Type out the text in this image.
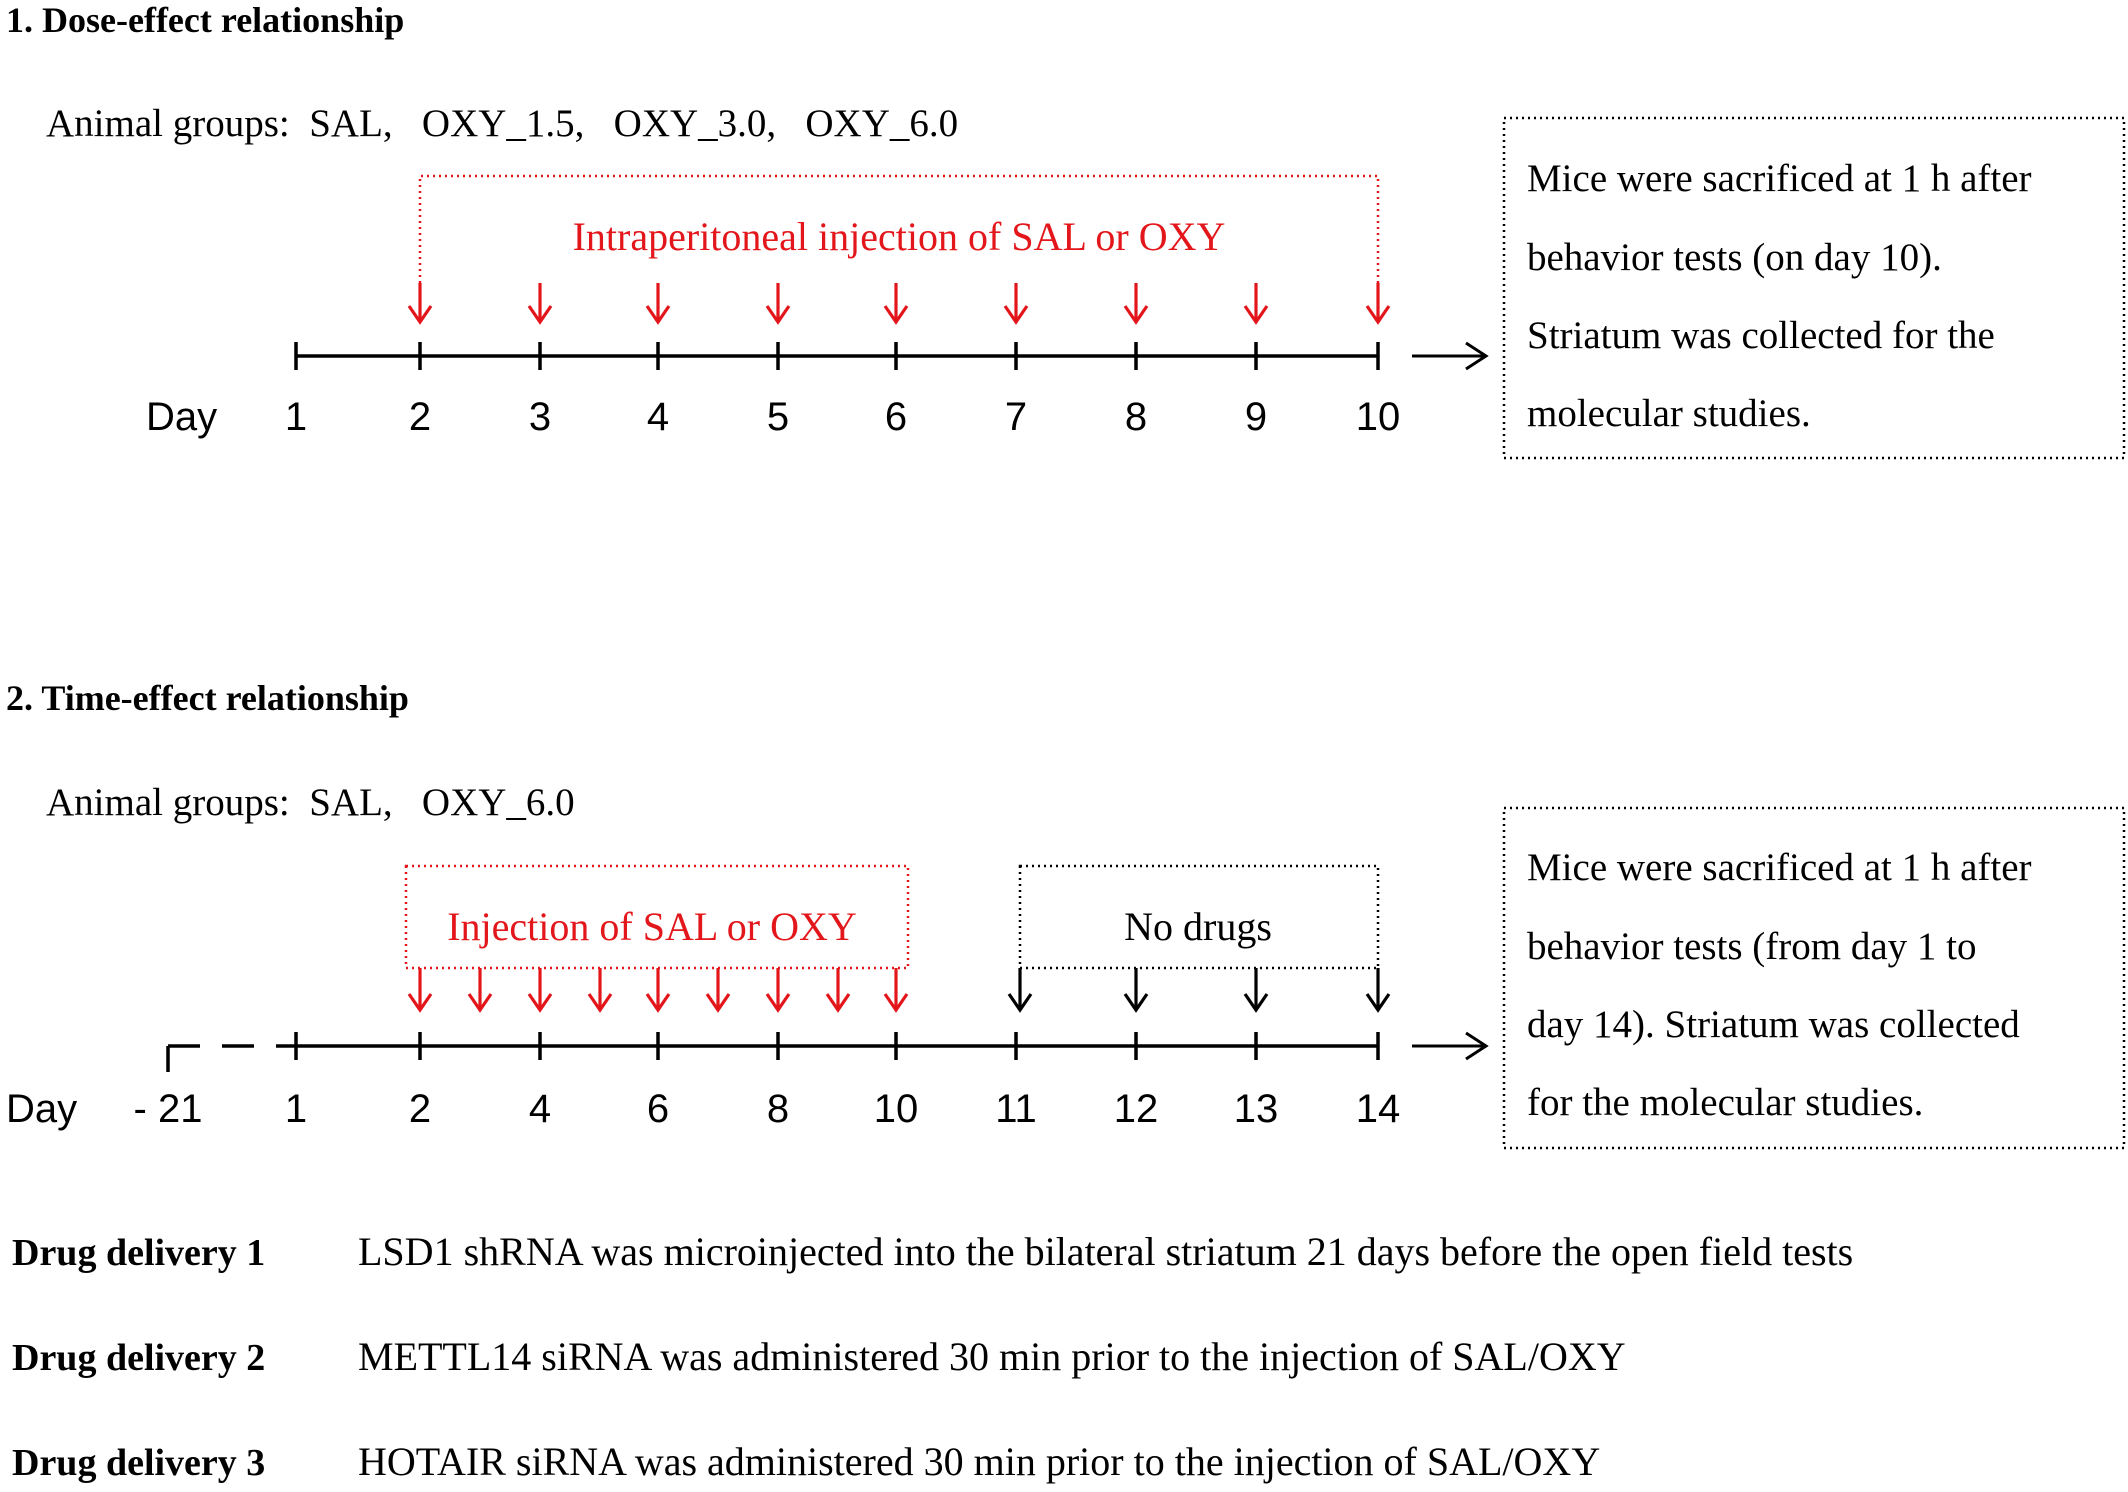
1. Dose-effect relationship
Animal groups:  SAL,   OXY_1.5,   OXY_3.0,   OXY_6.0
Intraperitoneal injection of SAL or OXY
Day 1	2 3 4 5 6 7 8 9 10
Mice were sacrificed at 1 h after
behavior tests (on day 10).
Striatum was collected for the
molecular studies.
2. Time-effect relationship
Animal groups:  SAL,   OXY_6.0
Injection of SAL or OXY	No drugs
Day - 21 1	2 4 6 8 10 11 12 13 14
Mice were sacrificed at 1 h after
behavior tests (from day 1 to
day 14). Striatum was collected
for the molecular studies.
Drug delivery 1 LSD1 shRNA was microinjected into the bilateral striatum 21 days before the open field tests
Drug delivery 2 METTL14 siRNA was administered 30 min prior to the injection of SAL/OXY
Drug delivery 3 HOTAIR siRNA was administered 30 min prior to the injection of SAL/OXY
